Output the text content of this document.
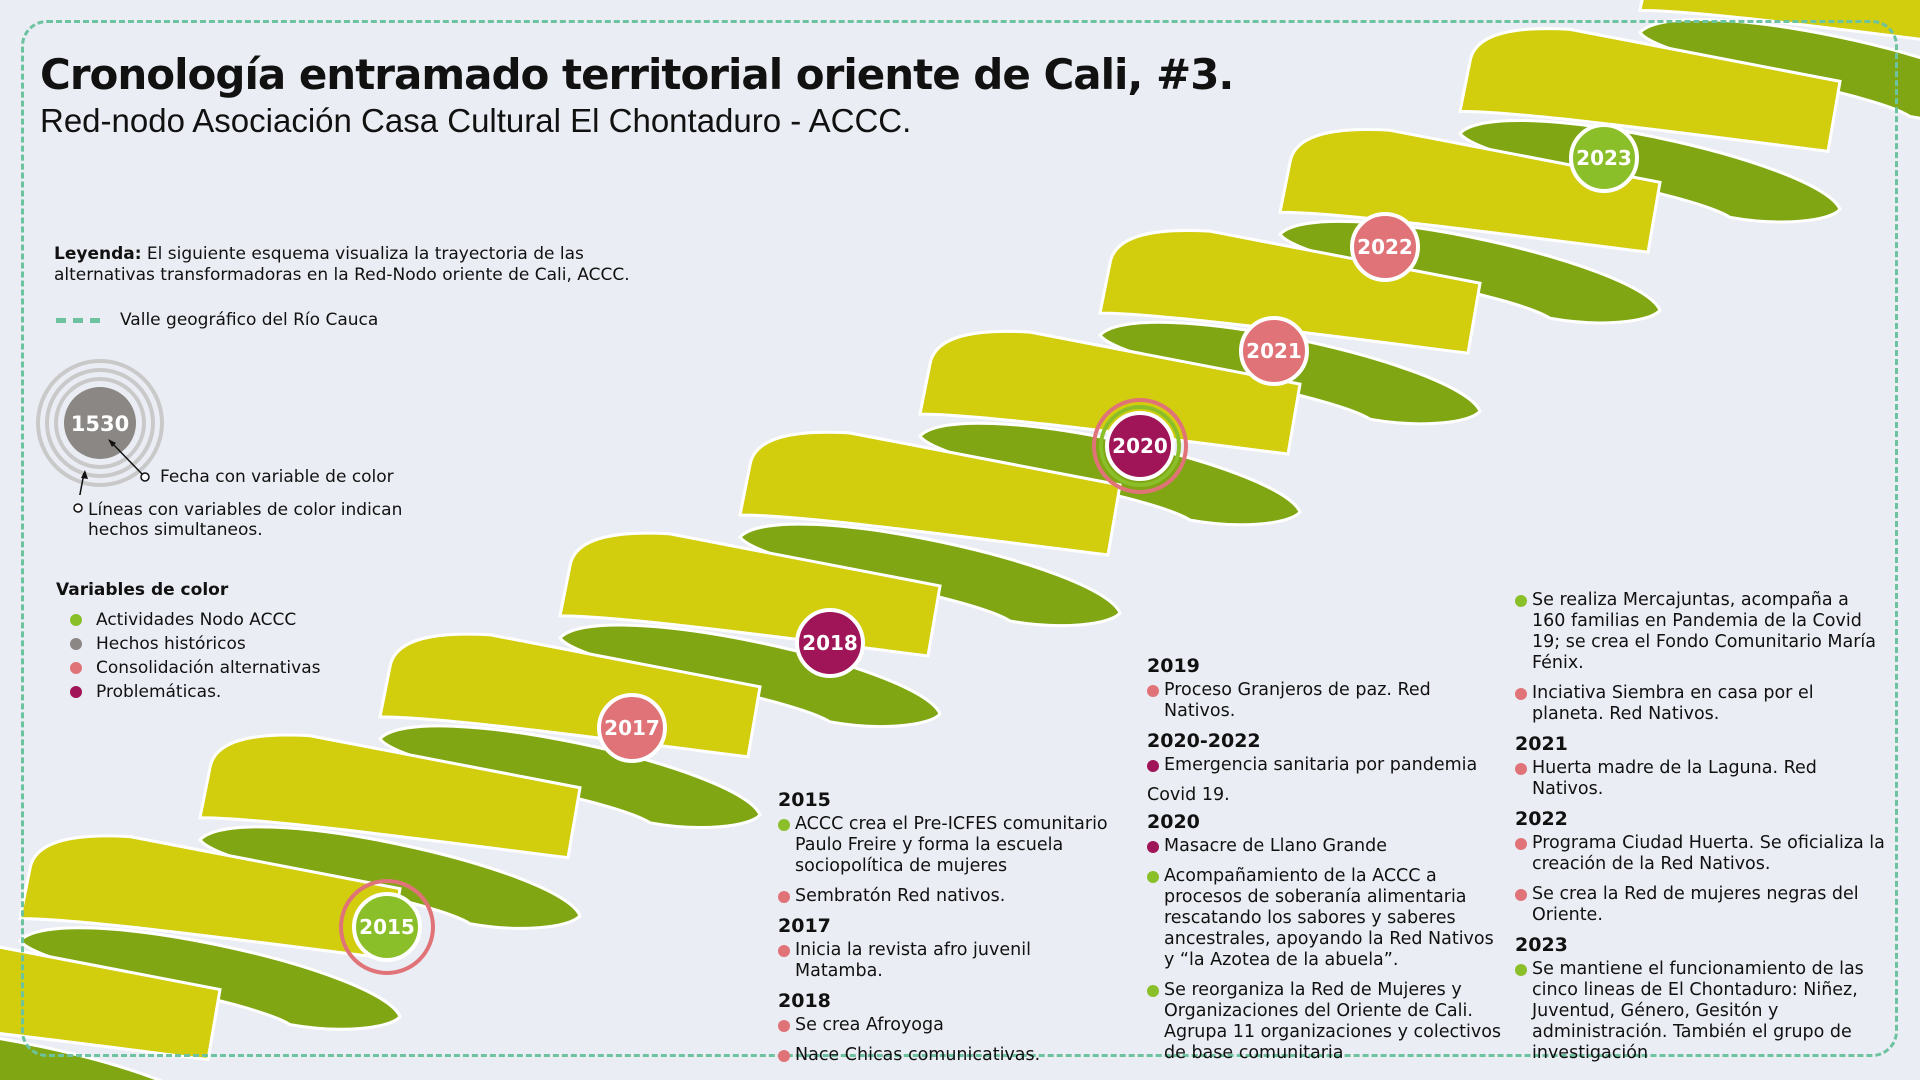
2015
2017
2018
2020
2021
2022
2023
Cronología entramado territorial oriente de Cali, #3.
Red-nodo Asociación Casa Cultural El Chontaduro - ACCC.
Leyenda: El siguiente esquema visualiza la trayectoria de las alternativas transformadoras en la Red-Nodo oriente de Cali, ACCC.
Valle geográfico del Río Cauca
1530
Fecha con variable de color
Líneas con variables de color indican hechos simultaneos.
Variables de color
Actividades Nodo ACCC
Hechos históricos
Consolidación alternativas
Problemáticas.
2015
ACCC crea el Pre-ICFES comunitario Paulo Freire y forma la escuela sociopolítica de mujeres
Sembratón Red nativos.
2017
Inicia la revista afro juvenil Matamba.
2018
Se crea Afroyoga
Nace Chicas comunicativas.
2019
Proceso Granjeros de paz. Red Nativos.
2020-2022
Emergencia sanitaria por pandemia
Covid 19.
2020
Masacre de Llano Grande
Acompañamiento de la ACCC a procesos de soberanía alimentaria rescatando los sabores y saberes ancestrales, apoyando la Red Nativos y “la Azotea de la abuela”.
Se reorganiza la Red de Mujeres y Organizaciones del Oriente de Cali. Agrupa 11 organizaciones y colectivos de base comunitaria
Se realiza Mercajuntas, acompaña a 160 familias en Pandemia de la Covid 19; se crea el Fondo Comunitario María Fénix.
Inciativa Siembra en casa por el planeta. Red Nativos.
2021
Huerta madre de la Laguna. Red Nativos.
2022
Programa Ciudad Huerta. Se oficializa la creación de la Red Nativos.
Se crea la Red de mujeres negras del Oriente.
2023
Se mantiene el funcionamiento de las cinco lineas de El Chontaduro: Niñez, Juventud, Género, Gesitón y administración. También el grupo de investigación
